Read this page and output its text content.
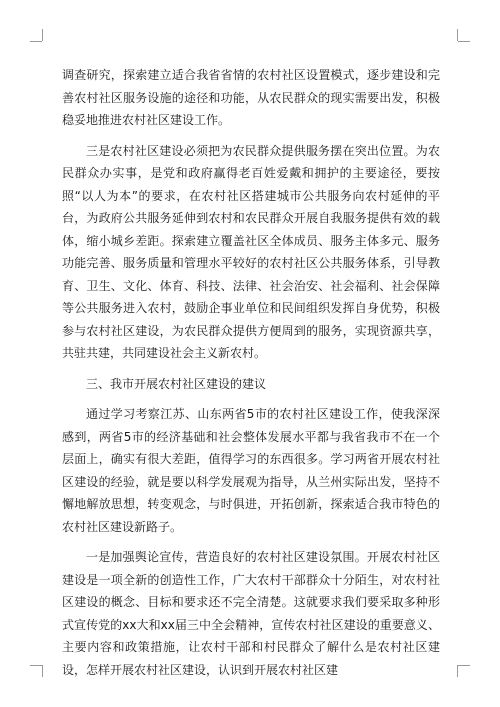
调查研究，探索建立适合我省省情的农村社区设置模式，逐步建设和完善农村社区服务设施的途径和功能，从农民群众的现实需要出发，积极稳妥地推进农村社区建设工作。

三是农村社区建设必须把为农民群众提供服务摆在突出位置。为农民群众办实事，是党和政府赢得老百姓爱戴和拥护的主要途径，要按照“以人为本”的要求，在农村社区搭建城市公共服务向农村延伸的平台，为政府公共服务延伸到农村和农民群众开展自我服务提供有效的载体，缩小城乡差距。探索建立覆盖社区全体成员、服务主体多元、服务功能完善、服务质量和管理水平较好的农村社区公共服务体系，引导教育、卫生、文化、体育、科技、法律、社会治安、社会福利、社会保障等公共服务进入农村，鼓励企事业单位和民间组织发挥自身优势，积极参与农村社区建设，为农民群众提供方便周到的服务，实现资源共享，共驻共建，共同建设社会主义新农村。

三、我市开展农村社区建设的建议

通过学习考察江苏、山东两省5市的农村社区建设工作，使我深深感到，两省5市的经济基础和社会整体发展水平都与我省我市不在一个层面上，确实有很大差距，值得学习的东西很多。学习两省开展农村社区建设的经验，就是要以科学发展观为指导，从兰州实际出发，坚持不懈地解放思想，转变观念，与时俱进，开拓创新，探索适合我市特色的农村社区建设新路子。

一是加强舆论宣传，营造良好的农村社区建设氛围。开展农村社区建设是一项全新的创造性工作，广大农村干部群众十分陌生，对农村社区建设的概念、目标和要求还不完全清楚。这就要求我们要采取多种形式宣传党的xx大和xx届三中全会精神，宣传农村社区建设的重要意义、主要内容和政策措施，让农村干部和村民群众了解什么是农村社区建设，怎样开展农村社区建设，认识到开展农村社区建
